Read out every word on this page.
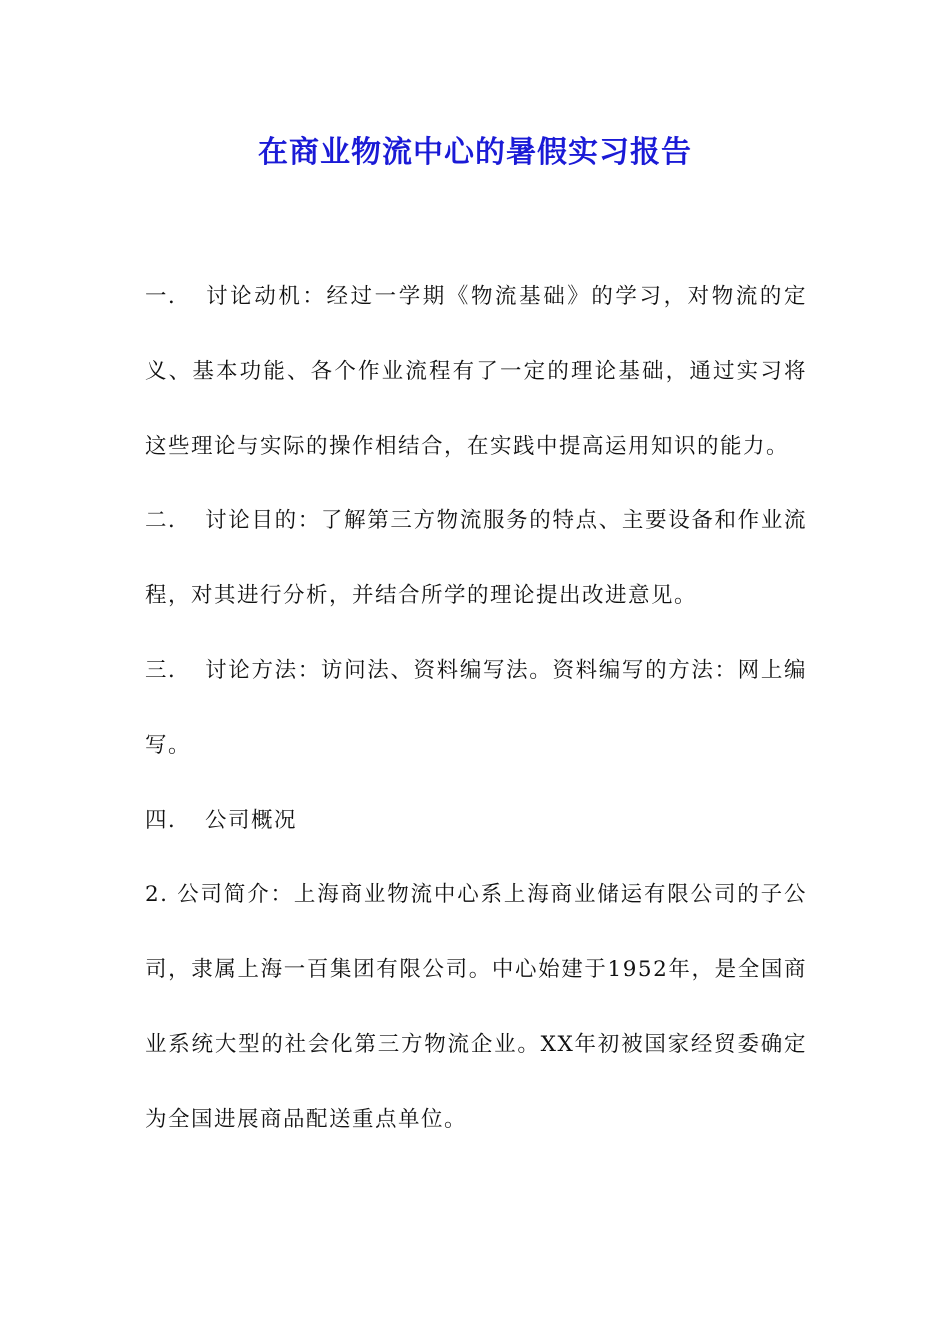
在商业物流中心的暑假实习报告

一． 讨论动机：经过一学期《物流基础》的学习，对物流的定义、基本功能、各个作业流程有了一定的理论基础，通过实习将这些理论与实际的操作相结合，在实践中提高运用知识的能力。

二． 讨论目的：了解第三方物流服务的特点、主要设备和作业流程，对其进行分析，并结合所学的理论提出改进意见。

三． 讨论方法：访问法、资料编写法。资料编写的方法：网上编写。

四． 公司概况

2. 公司简介：上海商业物流中心系上海商业储运有限公司的子公司，隶属上海一百集团有限公司。中心始建于1952年，是全国商业系统大型的社会化第三方物流企业。XX年初被国家经贸委确定为全国进展商品配送重点单位。
